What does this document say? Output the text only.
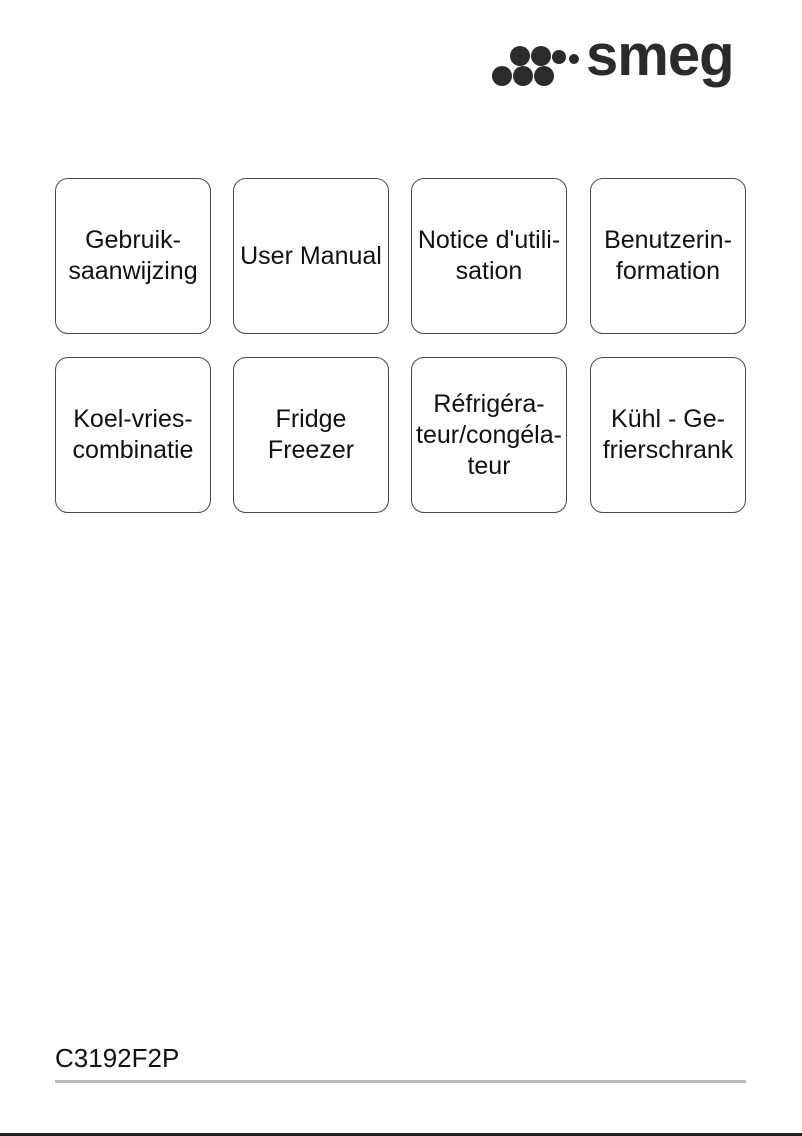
smeg
Gebruik-
saanwijzing
User Manual
Notice d'utili-
sation
Benutzerin-
formation
Koel-vries-
combinatie
Fridge
Freezer
Réfrigéra-
teur/congéla-
teur
Kühl - Ge-
frierschrank
C3192F2P
